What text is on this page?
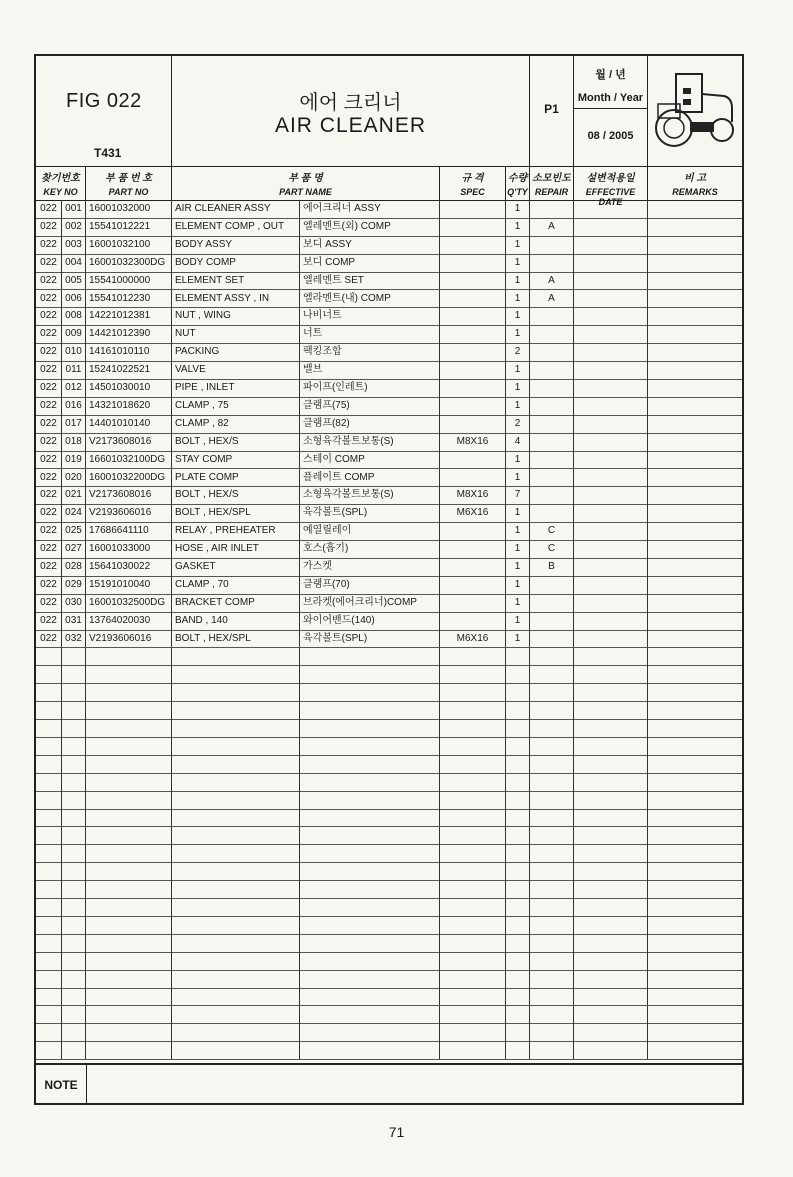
FIG 022
T431
에어 크리너
AIR CLEANER
P1
월 / 년
Month / Year
08 / 2005
찾기번호
KEY NO
부 품 번 호
PART NO
부 품 명
PART NAME
규 격
SPEC
수량
Q'TY
소모빈도
REPAIR
설변적용일
EFFECTIVE DATE
비 고
REMARKS
022 001 16001032000	AIR CLEANER ASSY	에어크리너 ASSY	1
022 002 15541012221	ELEMENT COMP , OUT	엘레멘트(외) COMP	1	A
022 003 16001032100	BODY ASSY	보디 ASSY	1
022 004 16001032300DG BODY COMP	보디 COMP	1
022 005 15541000000	ELEMENT SET	엘레멘트 SET	1	A
022 006 15541012230	ELEMENT ASSY , IN	엘라멘트(내) COMP	1	A
022 008 14221012381	NUT , WING	나비너트	1
022 009 14421012390	NUT	너트	1
022 010 14161010110	PACKING	팩킹조합	2
022 011 15241022521	VALVE	밸브	1
022 012 14501030010	PIPE , INLET	파이프(인레트)	1
022 016 14321018620	CLAMP , 75	클램프(75)	1
022 017 14401010140	CLAMP , 82	클램프(82)	2
022 018 V2173608016	BOLT , HEX/S	소형육각볼트보통(S)	M8X16	4
022 019 16601032100DG STAY COMP	스테이 COMP	1
022 020 16001032200DG PLATE COMP	플레이트 COMP	1
022 021 V2173608016	BOLT , HEX/S	소형육각볼트보통(S)	M8X16	7
022 024 V2193606016	BOLT , HEX/SPL	육각볼트(SPL)	M6X16	1
022 025 17686641110	RELAY , PREHEATER	예열릴레이	1	C
022 027 16001033000	HOSE , AIR INLET	호스(흡기)	1	C
022 028 15641030022	GASKET	가스켓	1	B
022 029 15191010040	CLAMP , 70	클램프(70)	1
022 030 16001032500DG BRACKET COMP	브라켓(에어크리너)COMP	1
022 031 13764020030	BAND , 140	와이어밴드(140)	1
022 032 V2193606016	BOLT , HEX/SPL	육각볼트(SPL)	M6X16	1
NOTE
71
